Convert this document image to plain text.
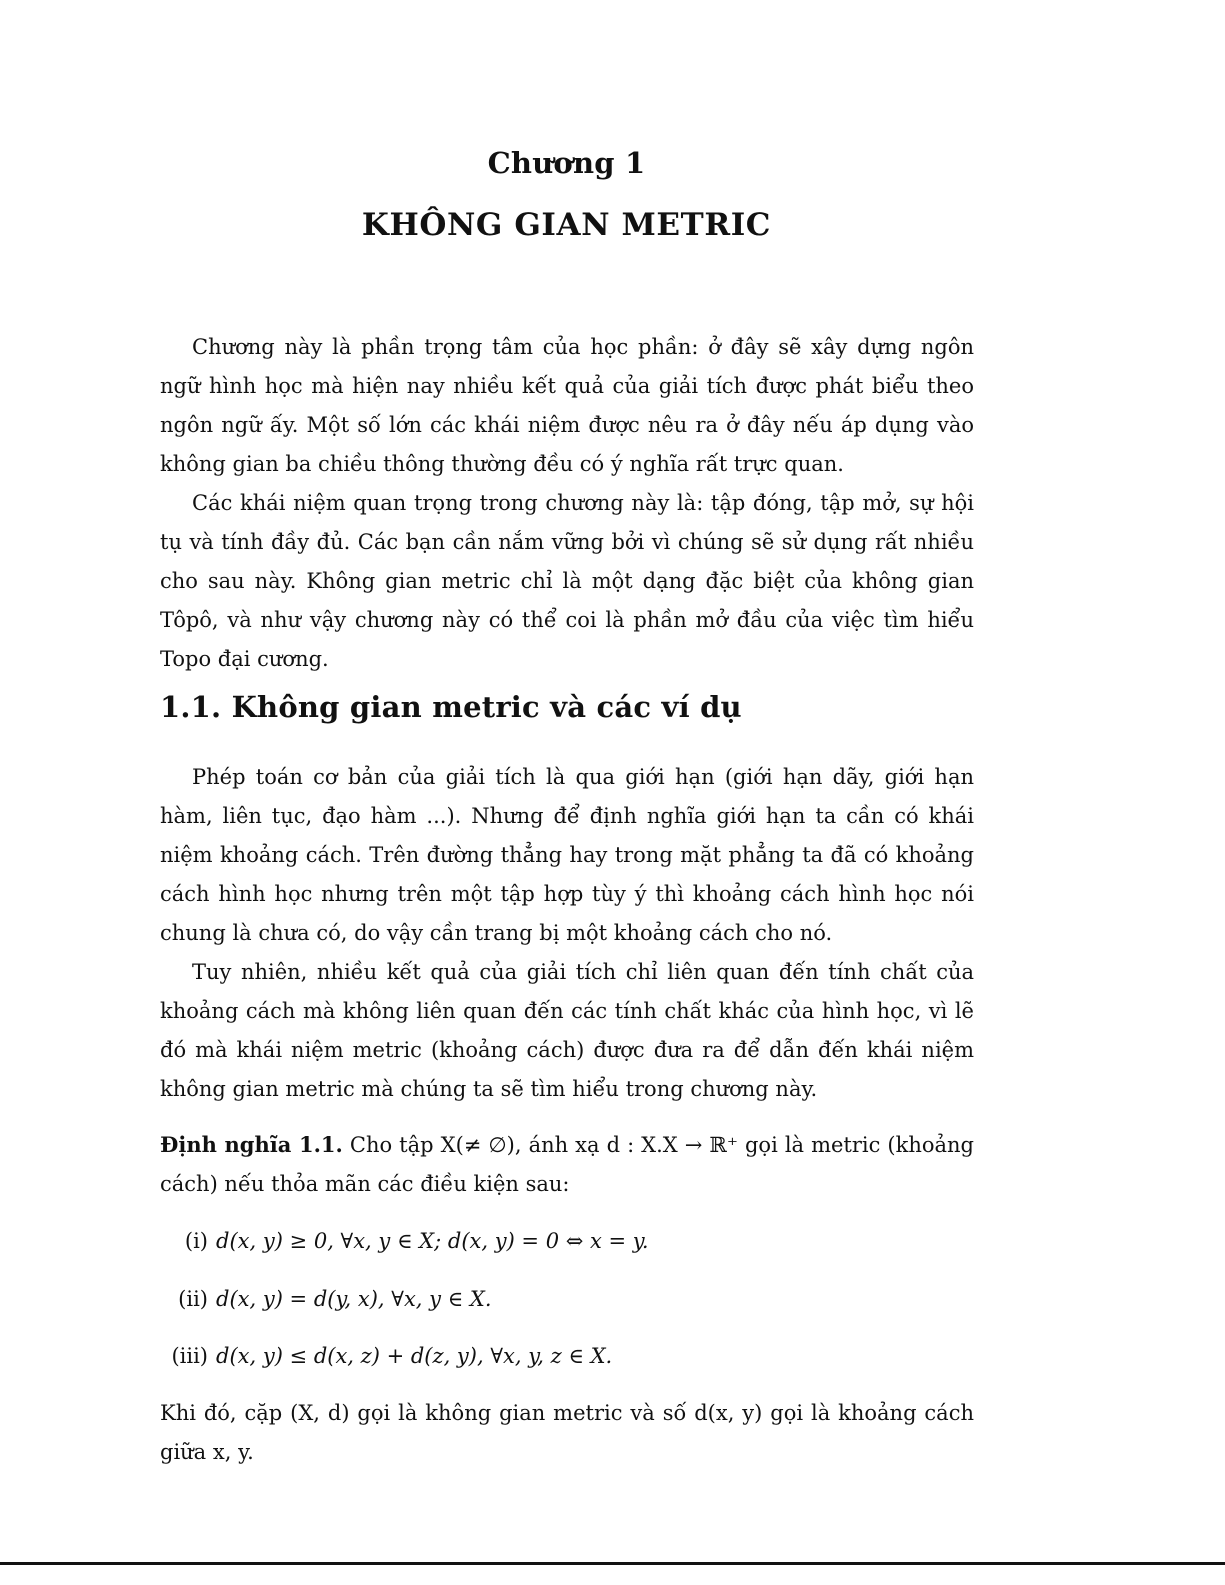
Chương 1
KHÔNG GIAN METRIC

Chương này là phần trọng tâm của học phần: ở đây sẽ xây dựng ngôn ngữ hình học mà hiện nay nhiều kết quả của giải tích được phát biểu theo ngôn ngữ ấy. Một số lớn các khái niệm được nêu ra ở đây nếu áp dụng vào không gian ba chiều thông thường đều có ý nghĩa rất trực quan.

Các khái niệm quan trọng trong chương này là: tập đóng, tập mở, sự hội tụ và tính đầy đủ. Các bạn cần nắm vững bởi vì chúng sẽ sử dụng rất nhiều cho sau này. Không gian metric chỉ là một dạng đặc biệt của không gian Tôpô, và như vậy chương này có thể coi là phần mở đầu của việc tìm hiểu Topo đại cương.

1.1. Không gian metric và các ví dụ

Phép toán cơ bản của giải tích là qua giới hạn (giới hạn dãy, giới hạn hàm, liên tục, đạo hàm ...). Nhưng để định nghĩa giới hạn ta cần có khái niệm khoảng cách. Trên đường thẳng hay trong mặt phẳng ta đã có khoảng cách hình học nhưng trên một tập hợp tùy ý thì khoảng cách hình học nói chung là chưa có, do vậy cần trang bị một khoảng cách cho nó.

Tuy nhiên, nhiều kết quả của giải tích chỉ liên quan đến tính chất của khoảng cách mà không liên quan đến các tính chất khác của hình học, vì lẽ đó mà khái niệm metric (khoảng cách) được đưa ra để dẫn đến khái niệm không gian metric mà chúng ta sẽ tìm hiểu trong chương này.

Định nghĩa 1.1. Cho tập X(≠ ∅), ánh xạ d : X.X → ℝ⁺ gọi là metric (khoảng cách) nếu thỏa mãn các điều kiện sau:
(i) d(x, y) ≥ 0, ∀x, y ∈ X; d(x, y) = 0 ⇔ x = y.
(ii) d(x, y) = d(y, x), ∀x, y ∈ X.
(iii) d(x, y) ≤ d(x, z) + d(z, y), ∀x, y, z ∈ X.
Khi đó, cặp (X, d) gọi là không gian metric và số d(x, y) gọi là khoảng cách giữa x, y.
